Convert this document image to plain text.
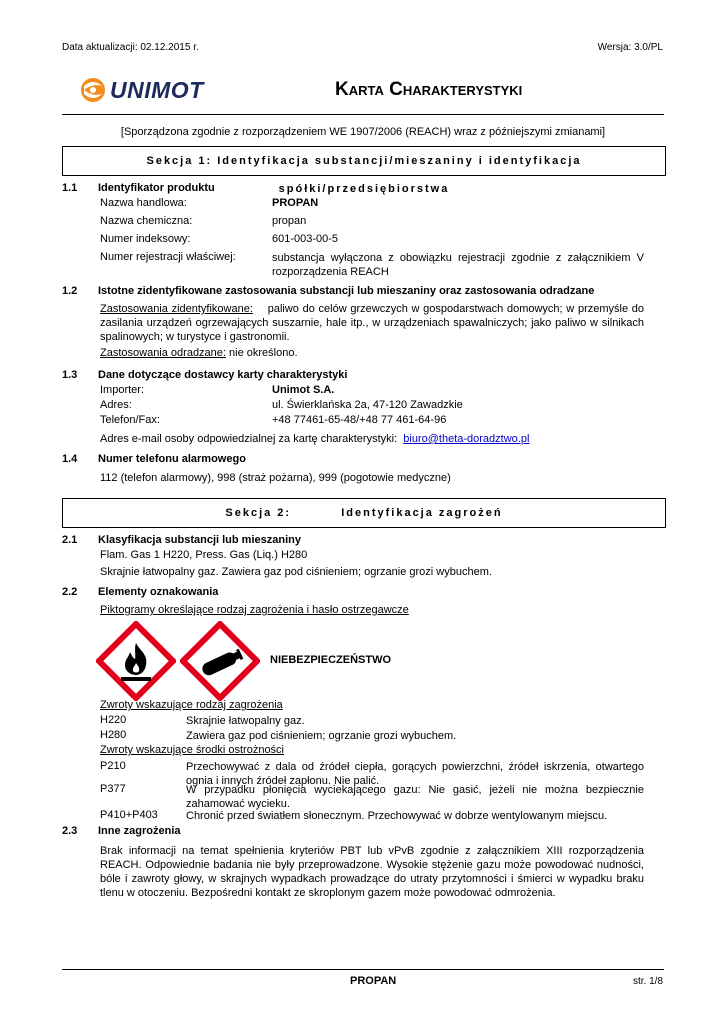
Data aktualizacji: 02.12.2015 r.	Wersja: 3.0/PL
UNIMOT	Karta Charakterystyki
[Sporządzona zgodnie z rozporządzeniem WE 1907/2006 (REACH) wraz z późniejszymi zmianami]
Sekcja 1: Identyfikacja substancji/mieszaniny i identyfikacja spółki/przedsiębiorstwa
1.1 Identyfikator produktu
Nazwa handlowa:	PROPAN
Nazwa chemiczna:	propan
Numer indeksowy:	601-003-00-5
Numer rejestracji właściwej:	substancja wyłączona z obowiązku rejestracji zgodnie z załącznikiem V rozporządzenia REACH
1.2 Istotne zidentyfikowane zastosowania substancji lub mieszaniny oraz zastosowania odradzane
Zastosowania zidentyfikowane: paliwo do celów grzewczych w gospodarstwach domowych; w przemyśle do zasilania urządzeń ogrzewających suszarnie, hale itp., w urządzeniach spawalniczych; jako paliwo w silnikach spalinowych; w turystyce i gastronomii.
Zastosowania odradzane: nie określono.
1.3 Dane dotyczące dostawcy karty charakterystyki
Importer:	Unimot S.A.
Adres:	ul. Świerklańska 2a, 47-120 Zawadzkie
Telefon/Fax:	+48 77461-65-48/+48 77 461-64-96
Adres e-mail osoby odpowiedzialnej za kartę charakterystyki: biuro@theta-doradztwo.pl
1.4 Numer telefonu alarmowego
112 (telefon alarmowy), 998 (straż pożarna), 999 (pogotowie medyczne)
Sekcja 2:	Identyfikacja zagrożeń
2.1 Klasyfikacja substancji lub mieszaniny
Flam. Gas 1 H220, Press. Gas (Liq.) H280
Skrajnie łatwopalny gaz. Zawiera gaz pod ciśnieniem; ogrzanie grozi wybuchem.
2.2 Elementy oznakowania
Piktogramy określające rodzaj zagrożenia i hasło ostrzegawcze
NIEBEZPIECZEŃSTWO
Zwroty wskazujące rodzaj zagrożenia
H220	Skrajnie łatwopalny gaz.
H280	Zawiera gaz pod ciśnieniem; ogrzanie grozi wybuchem.
Zwroty wskazujące środki ostrożności
P210	Przechowywać z dala od źródeł ciepła, gorących powierzchni, źródeł iskrzenia, otwartego ognia i innych źródeł zapłonu. Nie palić.
P377	W przypadku płonięcia wyciekającego gazu: Nie gasić, jeżeli nie można bezpiecznie zahamować wycieku.
P410+P403	Chronić przed światłem słonecznym. Przechowywać w dobrze wentylowanym miejscu.
2.3 Inne zagrożenia
Brak informacji na temat spełnienia kryteriów PBT lub vPvB zgodnie z załącznikiem XIII rozporządzenia REACH. Odpowiednie badania nie były przeprowadzone. Wysokie stężenie gazu może powodować nudności, bóle i zawroty głowy, w skrajnych wypadkach prowadzące do utraty przytomności i śmierci w wypadku braku tlenu w otoczeniu. Bezpośredni kontakt ze skroplonym gazem może powodować odmrożenia.
PROPAN	str. 1/8
